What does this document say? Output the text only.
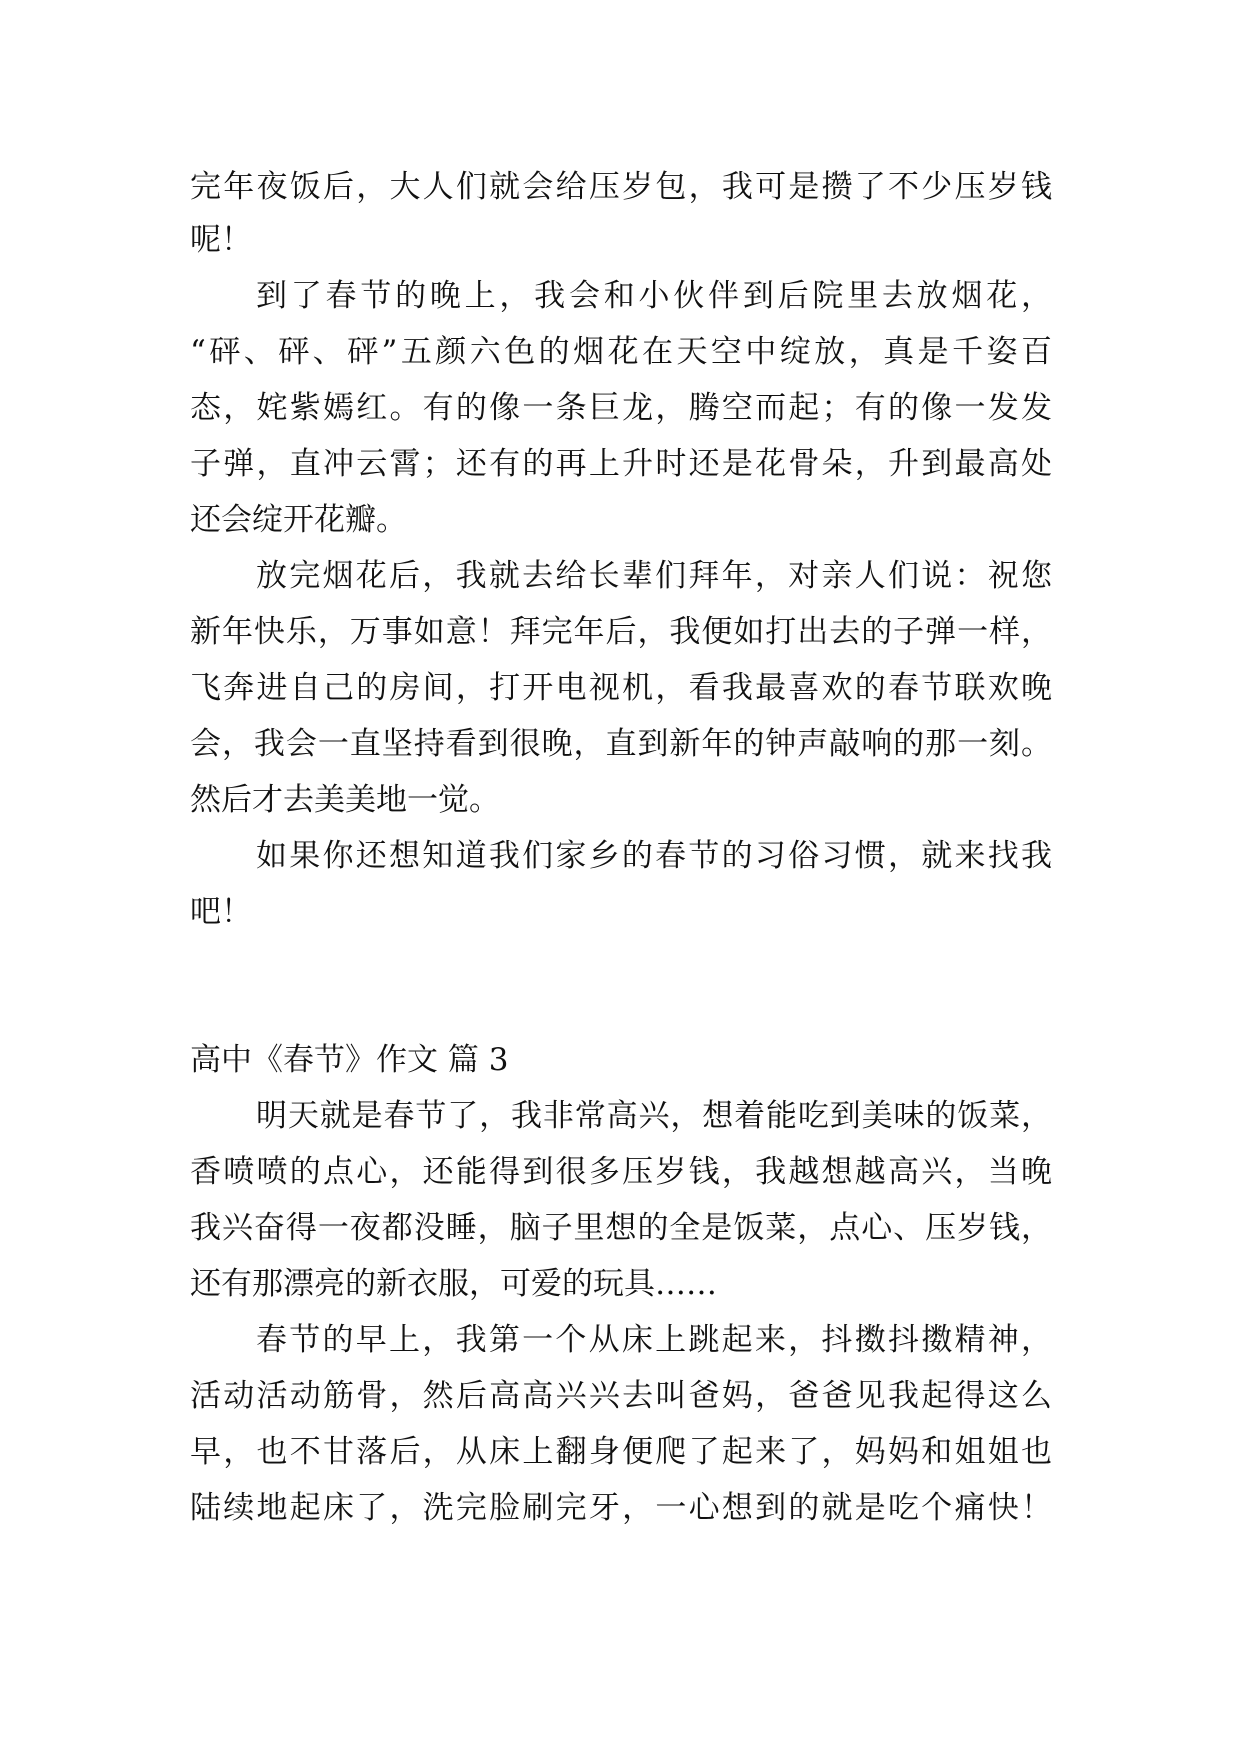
完年夜饭后，大人们就会给压岁包，我可是攒了不少压岁钱
呢！
到了春节的晚上，我会和小伙伴到后院里去放烟花，
“砰、砰、砰”五颜六色的烟花在天空中绽放，真是千姿百
态，姹紫嫣红。有的像一条巨龙，腾空而起；有的像一发发
子弹，直冲云霄；还有的再上升时还是花骨朵，升到最高处
还会绽开花瓣。
放完烟花后，我就去给长辈们拜年，对亲人们说：祝您
新年快乐，万事如意！拜完年后，我便如打出去的子弹一样，
飞奔进自己的房间，打开电视机，看我最喜欢的春节联欢晚
会，我会一直坚持看到很晚，直到新年的钟声敲响的那一刻。
然后才去美美地一觉。
如果你还想知道我们家乡的春节的习俗习惯，就来找我
吧！
高中《春节》作文 篇 3
明天就是春节了，我非常高兴，想着能吃到美味的饭菜，
香喷喷的点心，还能得到很多压岁钱，我越想越高兴，当晚
我兴奋得一夜都没睡，脑子里想的全是饭菜，点心、压岁钱，
还有那漂亮的新衣服，可爱的玩具……
春节的早上，我第一个从床上跳起来，抖擞抖擞精神，
活动活动筋骨，然后高高兴兴去叫爸妈，爸爸见我起得这么
早，也不甘落后，从床上翻身便爬了起来了，妈妈和姐姐也
陆续地起床了，洗完脸刷完牙，一心想到的就是吃个痛快！
